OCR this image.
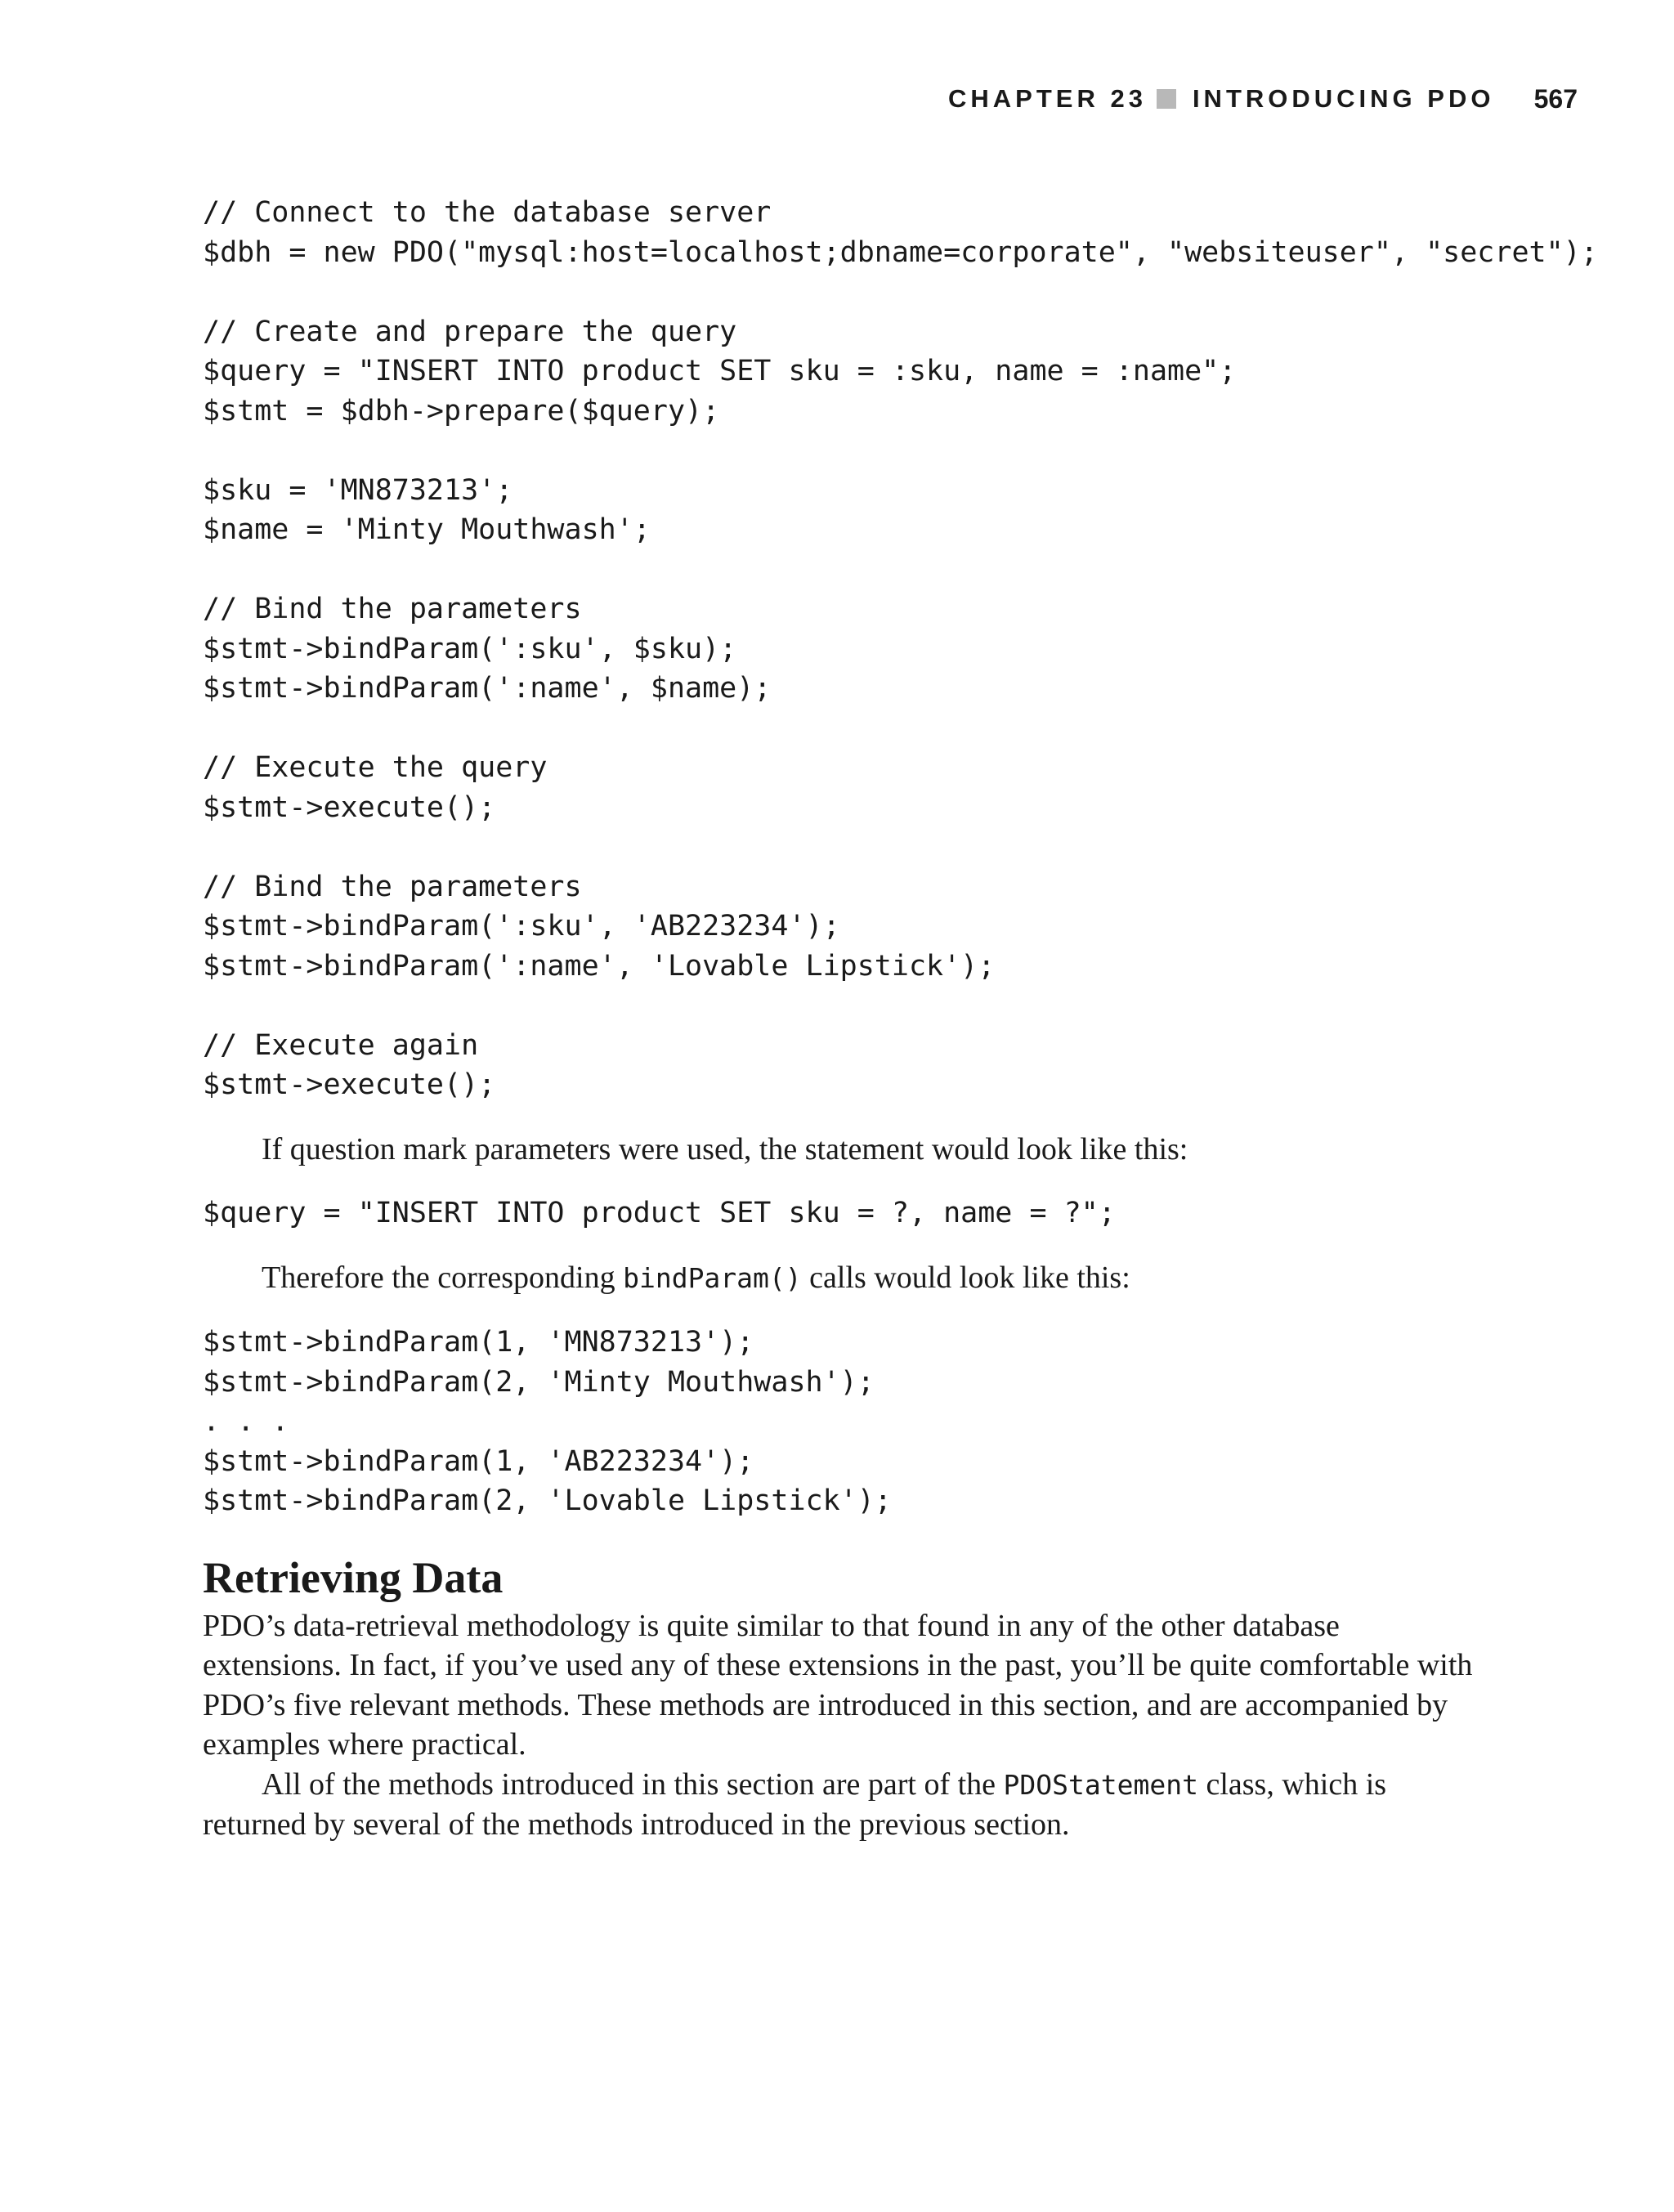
CHAPTER 23 INTRODUCING PDO 567
// Connect to the database server
$dbh = new PDO("mysql:host=localhost;dbname=corporate", "websiteuser", "secret");

// Create and prepare the query
$query = "INSERT INTO product SET sku = :sku, name = :name";
$stmt = $dbh->prepare($query);

$sku = 'MN873213';
$name = 'Minty Mouthwash';

// Bind the parameters
$stmt->bindParam(':sku', $sku);
$stmt->bindParam(':name', $name);

// Execute the query
$stmt->execute();

// Bind the parameters
$stmt->bindParam(':sku', 'AB223234');
$stmt->bindParam(':name', 'Lovable Lipstick');

// Execute again
$stmt->execute();

If question mark parameters were used, the statement would look like this:

$query = "INSERT INTO product SET sku = ?, name = ?";

Therefore the corresponding bindParam() calls would look like this:

$stmt->bindParam(1, 'MN873213');
$stmt->bindParam(2, 'Minty Mouthwash');
. . .
$stmt->bindParam(1, 'AB223234');
$stmt->bindParam(2, 'Lovable Lipstick');
Retrieving Data

PDO’s data-retrieval methodology is quite similar to that found in any of the other database extensions. In fact, if you’ve used any of these extensions in the past, you’ll be quite comfortable with PDO’s five relevant methods. These methods are introduced in this section, and are accompanied by examples where practical.

All of the methods introduced in this section are part of the PDOStatement class, which is returned by several of the methods introduced in the previous section.
